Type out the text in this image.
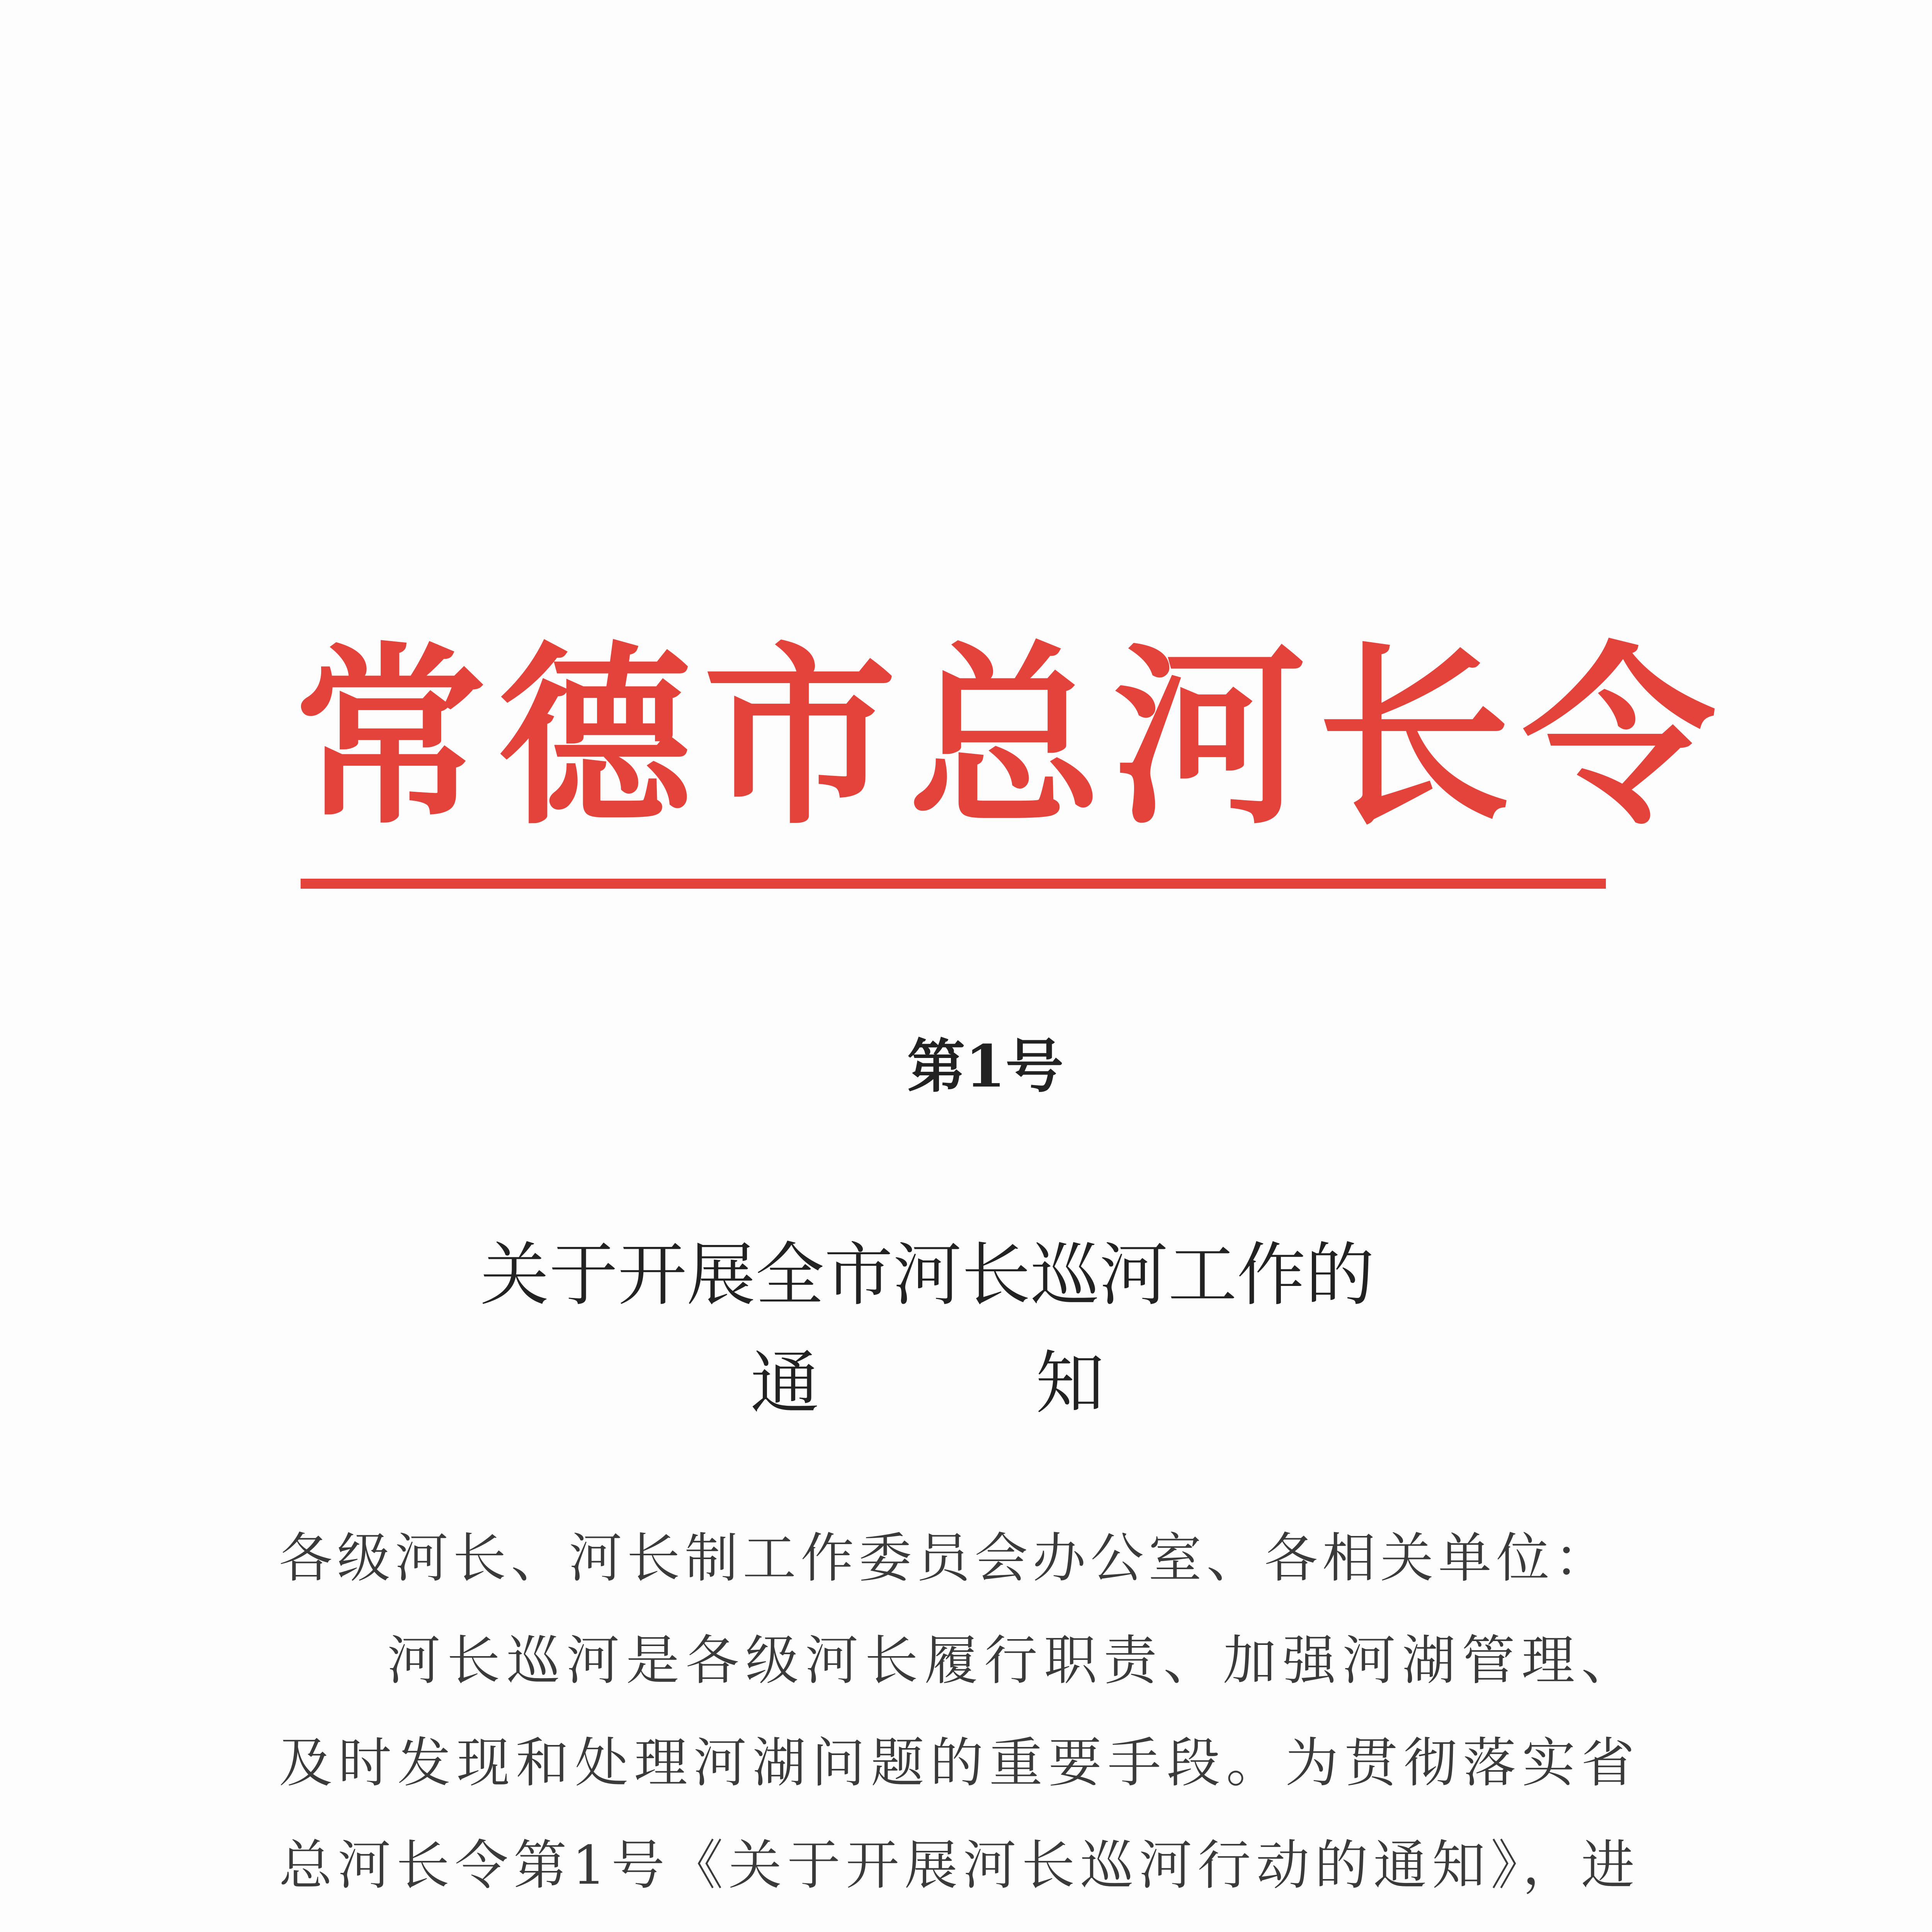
常德市总河长令
第1号
关于开展全市河长巡河工作的
通知

各级河长、河长制工作委员会办公室、各相关单位：

河长巡河是各级河长履行职责、加强河湖管理、及时发现和处理河湖问题的重要手段。为贯彻落实省总河长令第1号《关于开展河长巡河行动的通知》，进
